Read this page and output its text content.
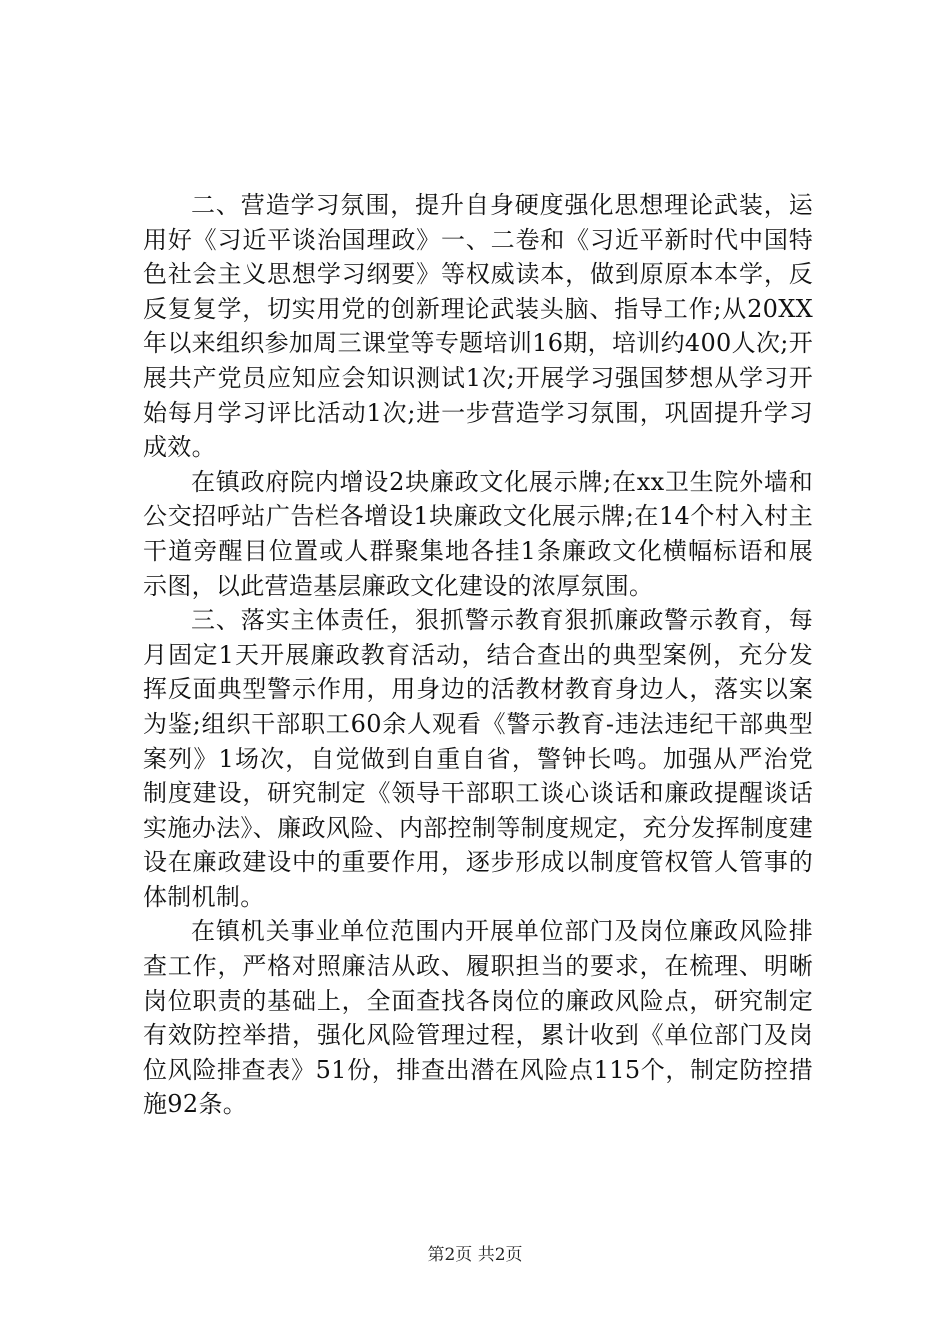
二、营造学习氛围，提升自身硬度强化思想理论武装，运用好《习近平谈治国理政》一、二卷和《习近平新时代中国特色社会主义思想学习纲要》等权威读本，做到原原本本学，反反复复学，切实用党的创新理论武装头脑、指导工作;从20XX年以来组织参加周三课堂等专题培训16期，培训约400人次;开展共产党员应知应会知识测试1次;开展学习强国梦想从学习开始每月学习评比活动1次;进一步营造学习氛围，巩固提升学习成效。

在镇政府院内增设2块廉政文化展示牌;在xx卫生院外墙和公交招呼站广告栏各增设1块廉政文化展示牌;在14个村入村主干道旁醒目位置或人群聚集地各挂1条廉政文化横幅标语和展示图，以此营造基层廉政文化建设的浓厚氛围。

三、落实主体责任，狠抓警示教育狠抓廉政警示教育，每月固定1天开展廉政教育活动，结合查出的典型案例，充分发挥反面典型警示作用，用身边的活教材教育身边人，落实以案为鉴;组织干部职工60余人观看《警示教育-违法违纪干部典型案列》1场次，自觉做到自重自省，警钟长鸣。加强从严治党制度建设，研究制定《领导干部职工谈心谈话和廉政提醒谈话实施办法》、廉政风险、内部控制等制度规定，充分发挥制度建设在廉政建设中的重要作用，逐步形成以制度管权管人管事的体制机制。

在镇机关事业单位范围内开展单位部门及岗位廉政风险排查工作，严格对照廉洁从政、履职担当的要求，在梳理、明晰岗位职责的基础上，全面查找各岗位的廉政风险点，研究制定有效防控举措，强化风险管理过程，累计收到《单位部门及岗位风险排查表》51份，排查出潜在风险点115个，制定防控措施92条。

第2页 共2页
